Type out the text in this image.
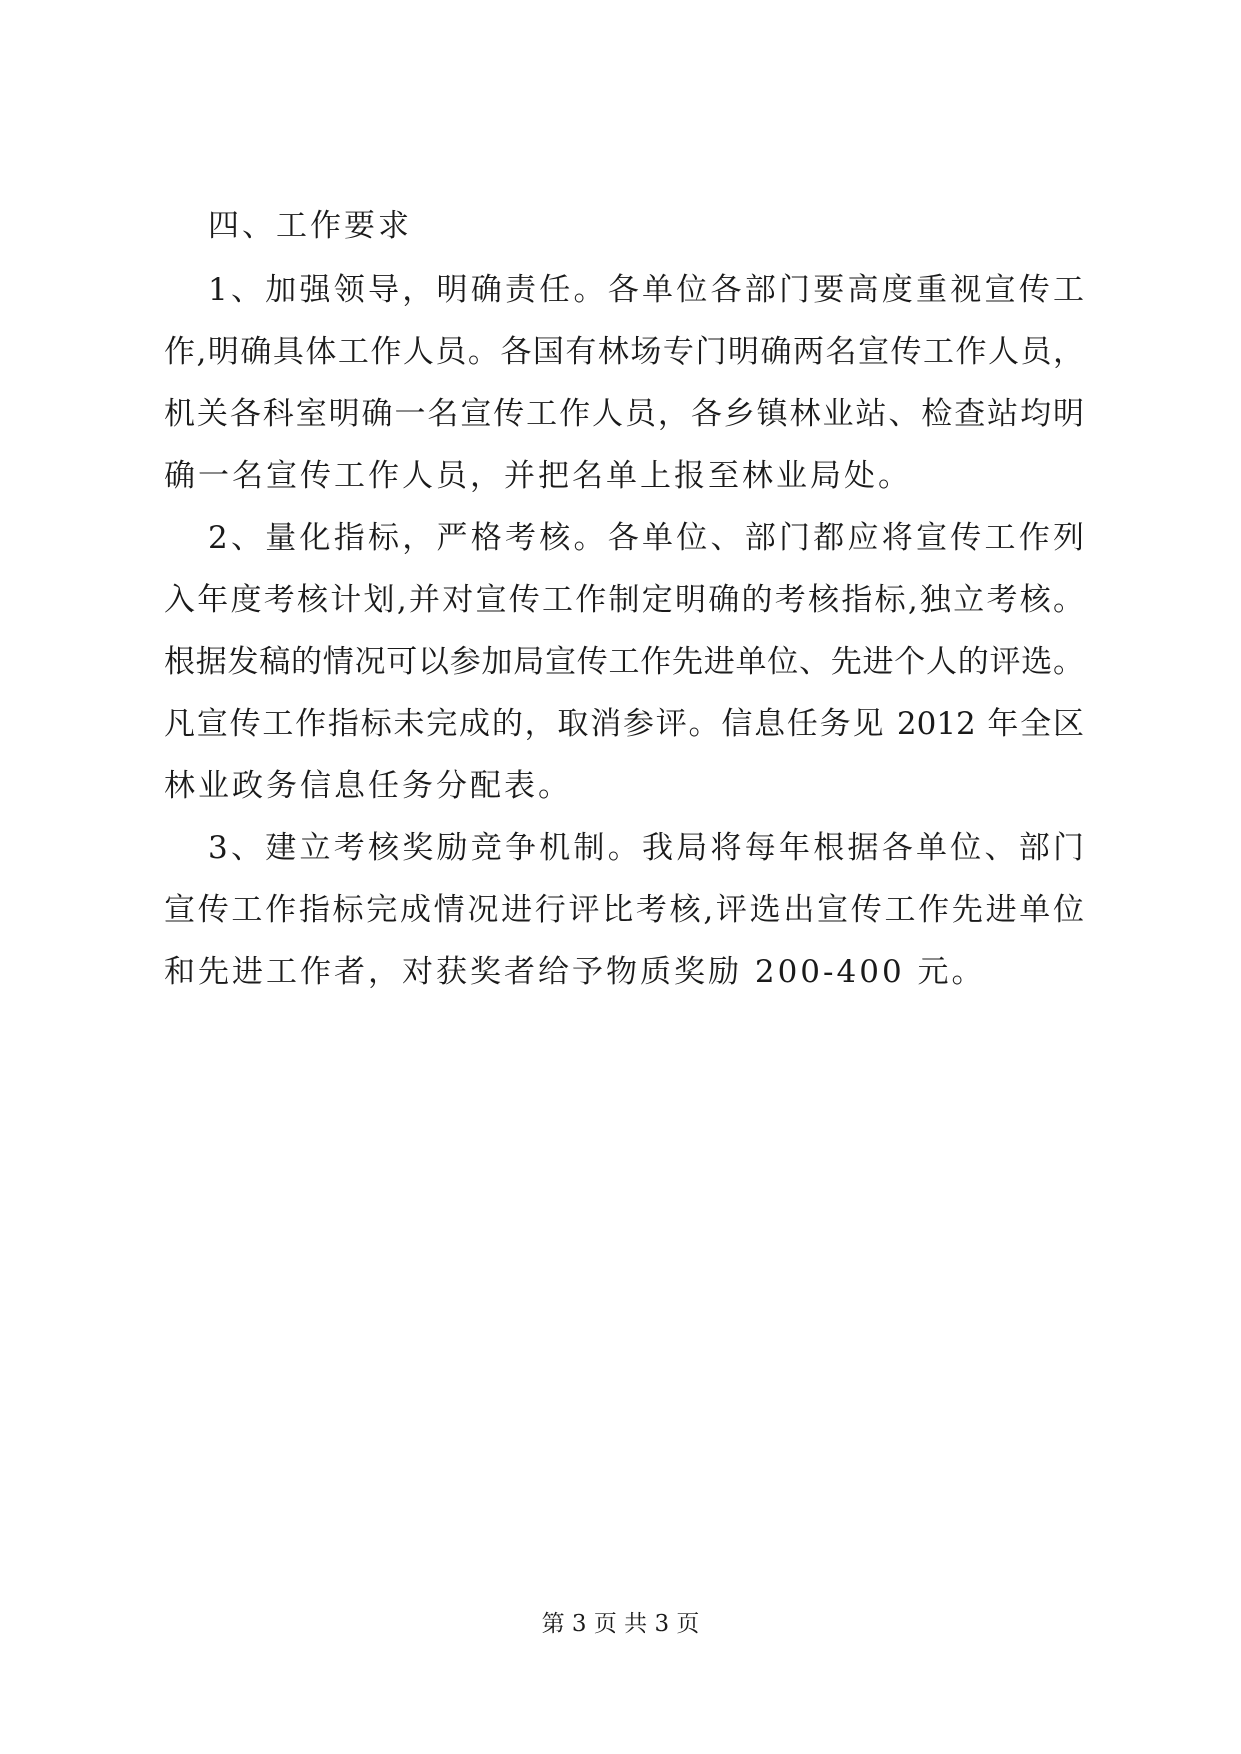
四、工作要求
1、加强领导，明确责任。各单位各部门要高度重视宣传工
作,明确具体工作人员。各国有林场专门明确两名宣传工作人员，
机关各科室明确一名宣传工作人员，各乡镇林业站、检查站均明
确一名宣传工作人员，并把名单上报至林业局处。
2、量化指标，严格考核。各单位、部门都应将宣传工作列
入年度考核计划,并对宣传工作制定明确的考核指标,独立考核。
根据发稿的情况可以参加局宣传工作先进单位、先进个人的评选。
凡宣传工作指标未完成的，取消参评。信息任务见 2012 年全区
林业政务信息任务分配表。
3、建立考核奖励竞争机制。我局将每年根据各单位、部门
宣传工作指标完成情况进行评比考核,评选出宣传工作先进单位
和先进工作者，对获奖者给予物质奖励 200-400 元。
第 3 页 共 3 页
